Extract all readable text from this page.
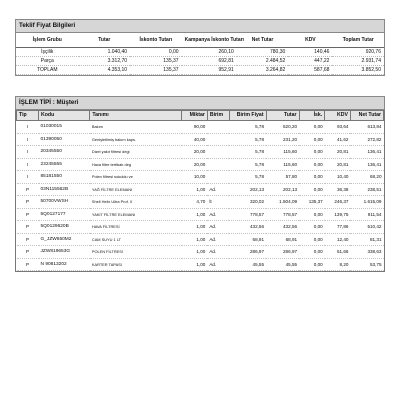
Teklif Fiyat Bilgileri
İşlem Grubu	Tutar	İskonto Tutarı	Kampanya İskonto Tutarı	Net Tutar	KDV	Toplam Tutar
İşçilik	1.040,40	0,00	260,10	780,30	140,46	920,76
Parça	3.312,70	135,37	692,81	2.484,52	447,22	2.931,74
TOPLAM	4.353,10	135,37	952,91	3.264,82	587,68	3.852,50
İŞLEM TİPİ : Müşteri
Tip	Kodu	Tanımı	Miktar	Birim	Birim Fiyat	Tutar	İsk.	KDV	Net Tutar
I	01030015	Bakım	90,00		5,78	520,20	0,00	93,64	613,84
I	01390050	Genişletilmiş bakım kaps.	40,00		5,78	231,20	0,00	41,62	272,82
I	20345550	Dizel yakıt filtresi degi	20,00		5,78	115,60	0,00	20,81	136,41
I	23245555	Hava filtre tertibatı deg	20,00		5,78	115,60	0,00	20,81	136,41
I	85181550	Polen filtresi sokuldu ve	10,00		5,78	57,80	0,00	10,40	68,20
P	03N115562B	YAĞ FİLTRE ELEMANI	1,00	Ad.	202,13	202,13	0,00	36,38	238,51
P	50700VWSH	Shell Helix Ultra Prof. 0	4,70	lt	320,02	1.504,09	135,37	246,37	1.615,09
P	5Q0127177	YAKIT FİLTRE ELEMANI	1,00	Ad.	778,57	778,57	0,00	139,75	911,54
P	5Q0129620B	HAVA FİLTRESİ	1,00	Ad.	432,56	432,56	0,00	77,86	510,42
P	G_JZW650M2	CAM SUYU 1 LT	1,00	Ad.	68,91	68,91	0,00	12,40	81,31
P	JZW819653G	POLEN FİLTRESİ	1,00	Ad.	286,97	286,97	0,00	51,66	338,63
P	N 90813202	KARTER TAPASI	1,00	Ad.	45,55	45,55	0,00	8,20	53,75
